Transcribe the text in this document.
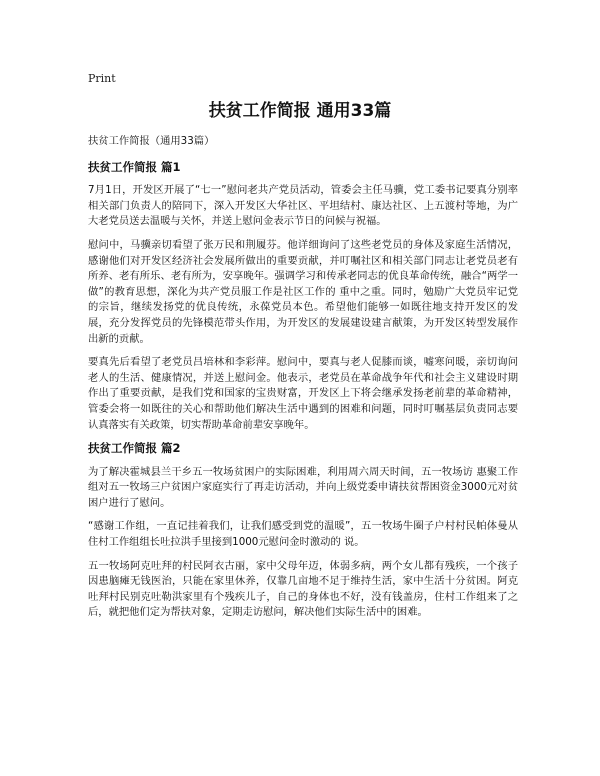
Print
扶贫工作简报 通用33篇

扶贫工作简报（通用33篇）

扶贫工作简报 篇1

7月1日，开发区开展了“七一”慰问老共产党员活动，管委会主任马骥，党工委书记要真分别率相关部门负责人的陪同下，深入开发区大华社区、平坦结村、康达社区、上五渡村等地，为广大老党员送去温暖与关怀，并送上慰问金表示节日的问候与祝福。

慰问中，马骥亲切看望了张万民和荆履芬。他详细询问了这些老党员的身体及家庭生活情况，感谢他们对开发区经济社会发展所做出的重要贡献，并叮嘱社区和相关部门同志让老党员老有所养、老有所乐、老有所为，安享晚年。强调学习和传承老同志的优良革命传统，融合“两学一做”的教育思想，深化为共产党员服工作是社区工作的 重中之重。同时，勉励广大党员牢记党的宗旨，继续发扬党的优良传统，永葆党员本色。希望他们能够一如既往地支持开发区的发展，充分发挥党员的先锋模范带头作用，为开发区的发展建设建言献策，为开发区转型发展作出新的贡献。

要真先后看望了老党员吕培林和李彩萍。慰问中，要真与老人促膝而谈，嘘寒问暖，亲切询问老人的生活、健康情况，并送上慰问金。他表示，老党员在革命战争年代和社会主义建设时期作出了重要贡献，是我们党和国家的宝贵财富，开发区上下将会继承发扬老前辈的革命精神，管委会将一如既往的关心和帮助他们解决生活中遇到的困难和问题，同时叮嘱基层负责同志要认真落实有关政策，切实帮助革命前辈安享晚年。

扶贫工作简报 篇2

为了解决霍城县兰干乡五一牧场贫困户的实际困难，利用周六周天时间，五一牧场访 惠聚工作组对五一牧场三户贫困户家庭实行了再走访活动，并向上级党委申请扶贫帮困资金3000元对贫困户进行了慰问。

“感谢工作组，一直记挂着我们，让我们感受到党的温暖”，五一牧场牛圈子户村村民帕体曼从住村工作组组长吐拉洪手里接到1000元慰问金时激动的 说。

五一牧场阿克吐拜的村民阿衣古丽，家中父母年迈，体弱多病，两个女儿都有残疾，一个孩子因患脑瘫无钱医治，只能在家里休养，仅靠几亩地不足于维持生活，家中生活十分贫困。阿克吐拜村民别克吐勒洪家里有个残疾儿子，自己的身体也不好，没有钱盖房，住村工作组来了之后，就把他们定为帮扶对象，定期走访慰问，解决他们实际生活中的困难。
